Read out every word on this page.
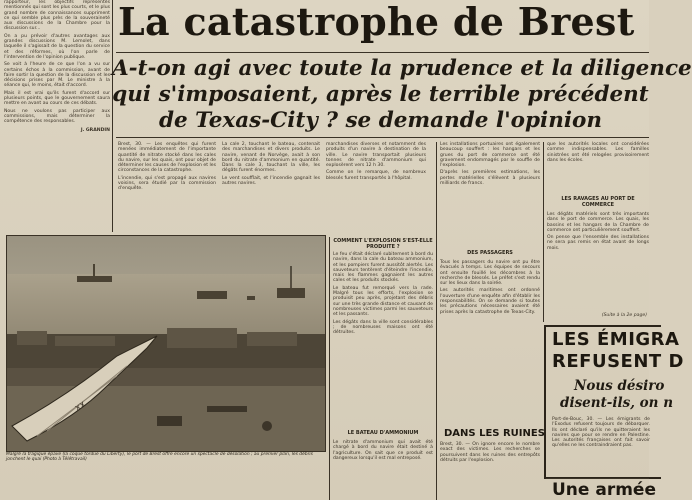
rapporteur, les objectifs représentés mentionnés qui sont les plus courts, et le plus grand nombre de connaissances suppriment ce qui semble plus près de la souveraineté aux discussions de la Chambre pour la discussion sur...

On a pu prévoir d'autres avantages aux grandes discussions M. Lemolet, dans laquelle il s'agissait de la question du service et des réformes, où l'on parle de l'intervention de l'opinion publique.

Se voit à l'heure de ce que l'on a vu sur certains échos à la commission, avant de faire sortir la question de la discussion et les décisions prises par M. Le ministre à la séance qui, le moins, était d'accord.

Mais il est vrai qu'ils furent d'accord sur plusieurs points, que le gouvernement saura mettre en avant au cours de ces débats.

Nous ne voulons pas participer aux commissions, mais déterminer la compétence des responsables.

J. GRANDIN
La catastrophe de Brest
A-t-on agi avec toute la prudence et la diligence
qui s'imposaient, après le terrible précédent
de Texas-City ? se demande l'opinion

Brest, 30. — Les enquêtes qui furent menées immédiatement de l'importante quantité de nitrate stocké dans les cales du navire, sur les quais, ont pour objet de déterminer les causes de l'explosion et les circonstances de la catastrophe.

L'incendie, qui s'est propagé aux navires voisins, sera étudié par la commission d'enquête.

La cale 2, touchant le bateau, contenait des marchandises et divers produits. Le navire, venant de Norvège, avait à son bord du nitrate d'ammonium en quantité. Dans la cale 3, touchant la ville, les dégâts furent énormes.

Le vent soufflait, et l'incendie gagnait les autres navires.

marchandises diverses et notamment des produits d'un navire à destination de la ville. Le navire transportait plusieurs tonnes de nitrate d'ammonium qui explosèrent vers 12 h 30.

Comme on le remarque, de nombreux blessés furent transportés à l'hôpital.

xx
Malgré la tragique épave (la coque tordue du Liberty), le port de Brest offre encore un spectacle de désolation ; au premier plan, les débris jonchent le quai (Photo à Télétravail)
COMMENT L'EXPLOSION S'EST-ELLE PRODUITE ?

Le feu s'était déclaré subitement à bord du navire, dans la cale du bateau ammonium, et les pompiers furent aussitôt alertés. Les sauveteurs tentèrent d'éteindre l'incendie, mais les flammes gagnaient les autres cales et les produits stockés.

Le bateau fut remorqué vers la rade. Malgré tous les efforts, l'explosion se produisit peu après, projetant des débris sur une très grande distance et causant de nombreuses victimes parmi les sauveteurs et les passants.

Les dégâts dans la ville sont considérables ; de nombreuses maisons ont été détruites.

LE BATEAU D'AMMONIUM

Le nitrate d'ammonium qui avait été chargé à bord du navire était destiné à l'agriculture. On sait que ce produit est dangereux lorsqu'il est mal entreposé.

Les installations portuaires ont également beaucoup souffert : les hangars et les grues du port de commerce ont été gravement endommagés par le souffle de l'explosion.

D'après les premières estimations, les pertes matérielles s'élèvent à plusieurs milliards de francs.

DES PASSAGERS

Tous les passagers du navire ont pu être évacués à temps. Les équipes de secours ont ensuite fouillé les décombres à la recherche de blessés. Le préfet s'est rendu sur les lieux dans la soirée.

Les autorités maritimes ont ordonné l'ouverture d'une enquête afin d'établir les responsabilités. On se demande si toutes les précautions nécessaires avaient été prises après la catastrophe de Texas-City.

DANS LES RUINES

Brest, 30. — On ignore encore le nombre exact des victimes. Les recherches se poursuivent dans les ruines des entrepôts détruits par l'explosion.

que les autorités locales ont considérées comme indispensables. Les familles sinistrées ont été relogées provisoirement dans les écoles.

LES RAVAGES AU PORT DE COMMERCE

Les dégâts matériels sont très importants dans le port de commerce. Les quais, les bassins et les hangars de la Chambre de commerce ont particulièrement souffert.

On pense que l'ensemble des installations ne sera pas remis en état avant de longs mois.

(Suite à la 2e page)
LES ÉMIGRA
REFUSENT D
Nous désiro
disent-ils, on n

Port-de-Bouc, 30. — Les émigrants de l'Exodus refusent toujours de débarquer. Ils ont déclaré qu'ils ne quitteraient les navires que pour se rendre en Palestine. Les autorités françaises ont fait savoir qu'elles ne les contraindraient pas.

Une armée
